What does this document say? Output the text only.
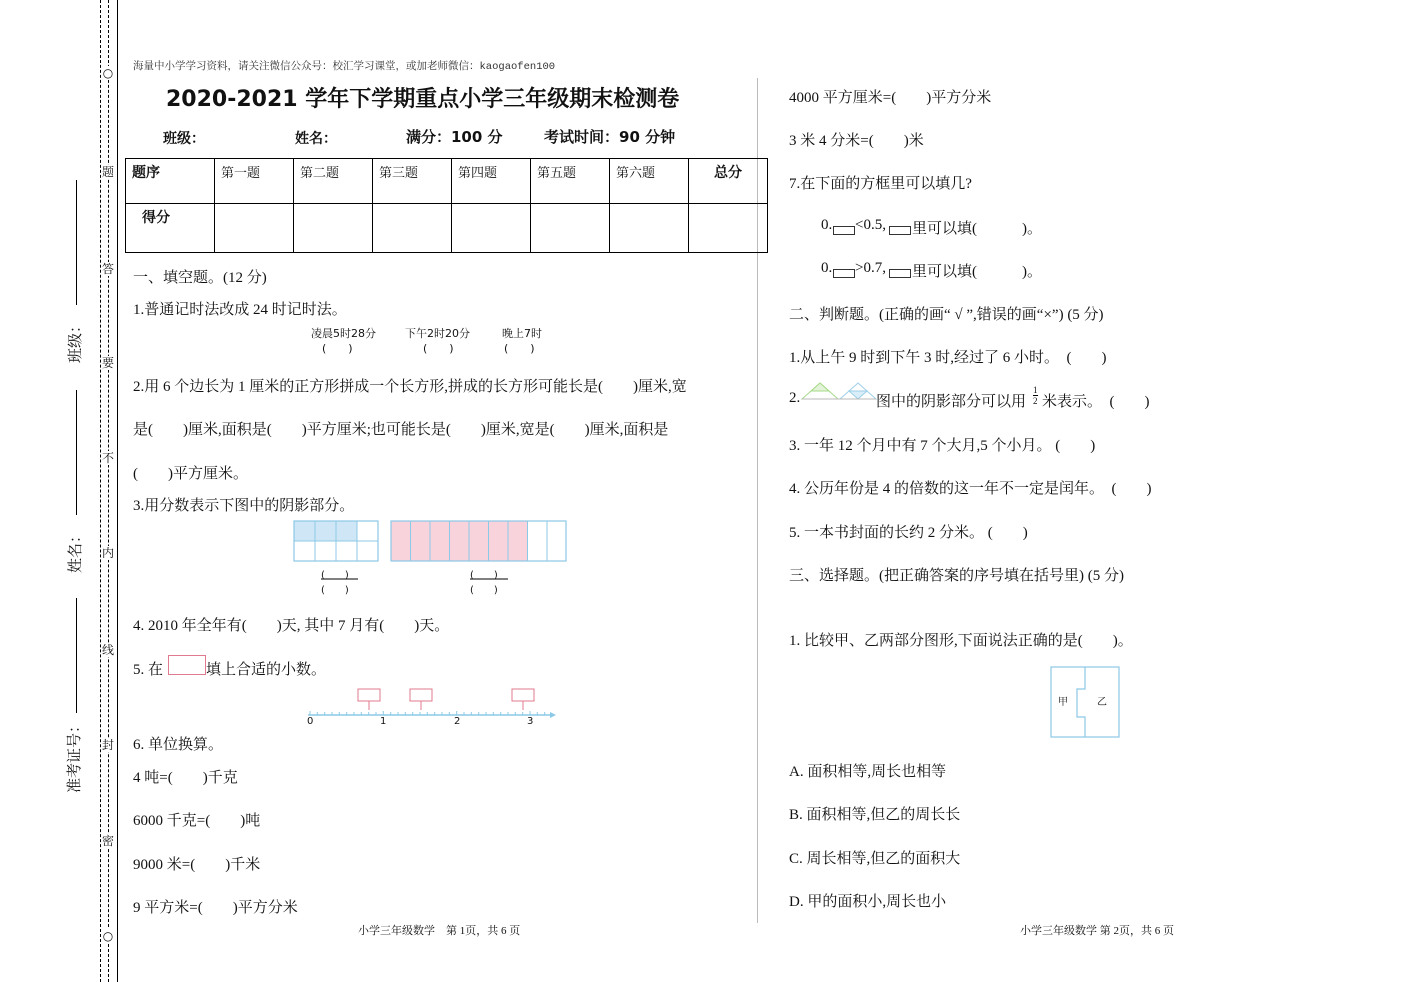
○
题
答
要
不
内
线
封
密
○
班级：
姓名：
准考证号：
海量中小学学习资料，请关注微信公众号：校汇学习课堂，或加老师微信：kaogaofen100
2020-2021 学年下学期重点小学三年级期末检测卷
班级：	姓名：	满分：100 分	考试时间：90 分钟
题序	第一题	第二题	第三题	第四题	第五题	第六题	总分
得分							
一、填空题。(12 分)
1.普通记时法改成 24 时记时法。
凌晨5时28分	下午2时20分	晚上7时
(　　)	(　　)	(　　)
2.用 6 个边长为 1 厘米的正方形拼成一个长方形,拼成的长方形可能长是(　　)厘米,宽
是(　　)厘米,面积是(　　)平方厘米;也可能长是(　　)厘米,宽是(　　)厘米,面积是
(　　)平方厘米。
3.用分数表示下图中的阴影部分。
(　　)
(　　)
(　　)
(　　)
4. 2010 年全年有(　　)天, 其中 7 月有(　　)天。
5. 在	填上合适的小数。
0	1	2	3
6. 单位换算。
4 吨=(　　)千克
6000 千克=(　　)吨
9000 米=(　　)千米
9 平方米=(　　)平方分米
小学三年级数学　第 1页，共 6 页
4000 平方厘米=(　　)平方分米
3 米 4 分米=(　　)米
7.在下面的方框里可以填几?
0. <0.5, 里可以填(　　　)。
0. >0.7, 里可以填(　　　)。
二、判断题。(正确的画“ √ ”,错误的画“×”) (5 分)
1.从上午 9 时到下午 3 时,经过了 6 小时。　(　　)
2.	图中的阴影部分可以用 $\frac{1}{2}$ 米表示。　(　　)
3. 一年 12 个月中有 7 个大月,5 个小月。 (　　)
4. 公历年份是 4 的倍数的这一年不一定是闰年。　(　　)
5. 一本书封面的长约 2 分米。 (　　)
三、选择题。(把正确答案的序号填在括号里) (5 分)
1. 比较甲、乙两部分图形,下面说法正确的是(　　)。
甲	乙
A. 面积相等,周长也相等
B. 面积相等,但乙的周长长
C. 周长相等,但乙的面积大
D. 甲的面积小,周长也小
小学三年级数学 第 2页，共 6 页
